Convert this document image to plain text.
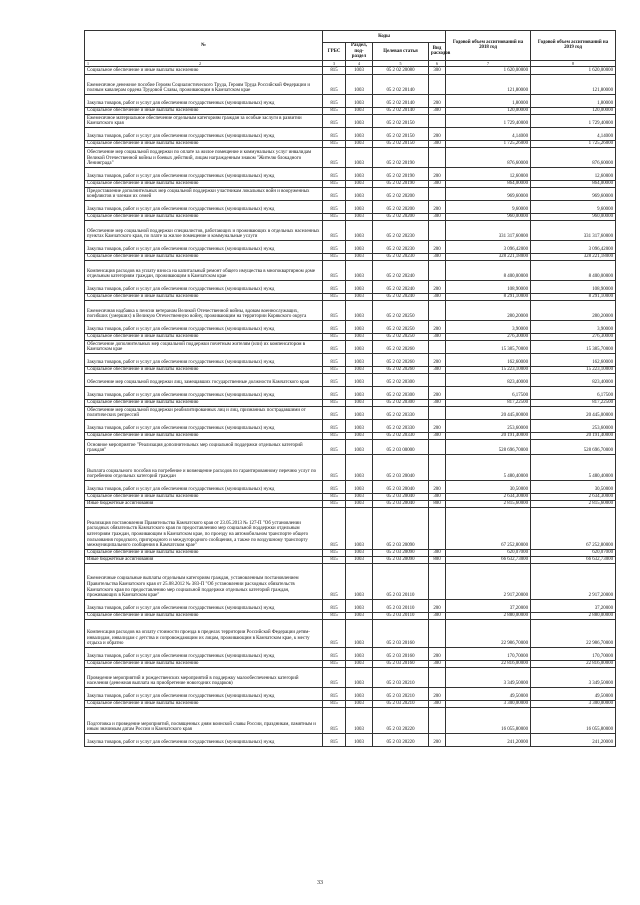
№	Коды				Годовой объем ассигнований на 2018 год	Годовой объем ассигнований на 2019 год
	ГРБС	Раздел, под-раздел	Целевая статья	Вид расходов		
1 2	3	4	5	6	7	8
Социальное обеспечение и иные выплаты населению	815	1003	05 2 02 20080	300	1 620,00000	1 620,00000
Ежемесячное денежное пособие Героям Социалистического Труда, Героям Труда Российской Федерации и полным кавалерам ордена Трудовой Славы, проживающим в Камчатском крае	815	1003	05 2 02 20140		121,80000	121,80000
Закупка товаров, работ и услуг для обеспечения государственных (муниципальных) нужд	815	1003	05 2 02 20140	200	1,80000	1,80000
Социальное обеспечение и иные выплаты населению	815	1003	05 2 02 20140	300	120,00000	120,00000
Ежемесячное материальное обеспечение отдельным категориям граждан за особые заслуги в развитии Камчатского края	815	1003	05 2 02 20150		1 729,40000	1 729,40000
Закупка товаров, работ и услуг для обеспечения государственных (муниципальных) нужд	815	1003	05 2 02 20150	200	4,14000	4,14000
Социальное обеспечение и иные выплаты населению	815	1003	05 2 02 20150	300	1 725,26000	1 725,26000
Обеспечение мер социальной поддержки по оплате за жилое помещение и коммунальных услуг инвалидам Великой Отечественной войны и боевых действий, лицам награжденным знаком "Жителю блокадного Ленинграда"	815	1003	05 2 02 20190		876,60000	876,60000
Закупка товаров, работ и услуг для обеспечения государственных (муниципальных) нужд	815	1003	05 2 02 20190	200	12,60000	12,60000
Социальное обеспечение и иные выплаты населению	815	1003	05 2 02 20190	300	864,00000	864,00000
Предоставление дополнительных мер социальной поддержки участникам локальных войн и вооруженных конфликтов и членам их семей	815	1003	05 2 02 20200		969,60000	969,60000
Закупка товаров, работ и услуг для обеспечения государственных (муниципальных) нужд	815	1003	05 2 02 20200	200	9,60000	9,60000
Социальное обеспечение и иные выплаты населению	815	1003	05 2 02 20200	300	960,00000	960,00000
Обеспечение мер социальной поддержки специалистов, работающих и проживающих в отдельных населенных пунктах Камчатского края, по плате за жилое помещение и коммунальные услуги	815	1003	05 2 02 20230		331 317,60000	331 317,60000
Закупка товаров, работ и услуг для обеспечения государственных (муниципальных) нужд	815	1003	05 2 02 20230	200	3 096,42000	3 096,42000
Социальное обеспечение и иные выплаты населению	815	1003	05 2 02 20230	300	328 221,18000	328 221,18000
Компенсация расходов на уплату взноса на капитальный ремонт общего имущества в многоквартирном доме отдельным категориям граждан, проживающим в Камчатском крае	815	1003	05 2 02 20240		8 400,00000	8 400,00000
Закупка товаров, работ и услуг для обеспечения государственных (муниципальных) нужд	815	1003	05 2 02 20240	200	108,90000	108,90000
Социальное обеспечение и иные выплаты населению	815	1003	05 2 02 20240	300	8 291,10000	8 291,10000
Ежемесячная надбавка к пенсии ветеранам Великой Отечественной войны, вдовам военнослужащих, погибших (умерших) в Великую Отечественную войну, проживающим на территории Корякского округа	815	1003	05 2 02 20250		280,20000	280,20000
Закупка товаров, работ и услуг для обеспечения государственных (муниципальных) нужд	815	1003	05 2 02 20250	200	3,90000	3,90000
Социальное обеспечение и иные выплаты населению	815	1003	05 2 02 20250	300	276,30000	276,30000
Обеспечение дополнительных мер социальной поддержки почетным жителям (или) их компенсатором в Камчатском крае	815	1003	05 2 02 20260		15 385,70000	15 385,70000
Закупка товаров, работ и услуг для обеспечения государственных (муниципальных) нужд	815	1003	05 2 02 20260	200	162,60000	162,60000
Социальное обеспечение и иные выплаты населению	815	1003	05 2 02 20260	300	15 223,10000	15 223,10000
Обеспечение мер социальной поддержки лиц, замещавших государственные должности Камчатского края	815	1003	05 2 02 20300		823,40000	823,40000
Закупка товаров, работ и услуг для обеспечения государственных (муниципальных) нужд	815	1003	05 2 02 20300	200	6,17500	6,17500
Социальное обеспечение и иные выплаты населению	815	1003	05 2 02 20300	300	817,22500	817,22500
Обеспечение мер социальной поддержки реабилитированных лиц и лиц, признанных пострадавшими от политических репрессий	815	1003	05 2 02 20330		20 445,00000	20 445,00000
Закупка товаров, работ и услуг для обеспечения государственных (муниципальных) нужд	815	1003	05 2 02 20330	200	253,60000	253,60000
Социальное обеспечение и иные выплаты населению	815	1003	05 2 02 20330	300	20 191,40000	20 191,40000
Основное мероприятие "Реализация дополнительных мер социальной поддержки отдельных категорий граждан"	815	1003	05 2 03 00000		528 696,70000	528 696,70000
Выплата социального пособия на погребение и возмещение расходов по гарантированному перечню услуг по погребению отдельных категорий граждан	815	1003	05 2 03 20040		5 480,40000	5 480,40000
Закупка товаров, работ и услуг для обеспечения государственных (муниципальных) нужд	815	1003	05 2 03 20040	200	30,50000	30,50000
Социальное обеспечение и иные выплаты населению	815	1003	05 2 03 20040	300	2 634,30000	2 634,30000
Иные бюджетные ассигнования	815	1003	05 2 03 20040	800	2 815,60000	2 815,60000
Реализация постановления Правительства Камчатского края от 23.05.2013 № 127-П "Об установлении расходных обязательств Камчатского края по предоставлению мер социальной поддержки отдельным категориям граждан, проживающим в Камчатском крае, по проезду на автомобильном транспорте общего пользования городского, пригородного и междугородного сообщения, а также по воздушному транспорту межмуниципального сообщения в Камчатском крае"	815	1003	05 2 03 20090		67 252,80000	67 252,80000
Социальное обеспечение и иные выплаты населению	815	1003	05 2 03 20090	300	620,07000	620,07000
Иные бюджетные ассигнования	815	1003	05 2 03 20090	800	66 632,73000	66 632,73000
Ежемесячные социальные выплаты отдельным категориям граждан, установленным постановлением Правительства Камчатского края от 25.08.2012 № 383-П "Об установлении расходных обязательств Камчатского края по предоставлению мер социальной поддержки отдельных категорий граждан, проживающих в Камчатском крае"	815	1003	05 2 03 20110		2 917,20000	2 917,20000
Закупка товаров, работ и услуг для обеспечения государственных (муниципальных) нужд	815	1003	05 2 03 20110	200	37,20000	37,20000
Социальное обеспечение и иные выплаты населению	815	1003	05 2 03 20110	300	2 880,00000	2 880,00000
Компенсация расходов на оплату стоимости проезда в пределах территории Российской Федерации детям-инвалидам, инвалидам с детства и сопровождающим их лицам, проживающим в Камчатском крае, к месту отдыха и обратно	815	1003	05 2 03 20160		22 986,70000	22 986,70000
Закупка товаров, работ и услуг для обеспечения государственных (муниципальных) нужд	815	1003	05 2 03 20160	200	170,70000	170,70000
Социальное обеспечение и иные выплаты населению	815	1003	05 2 03 20160	300	22 816,00000	22 816,00000
Проведение мероприятий и рождественских мероприятий в поддержку малообеспеченных категорий населения (денежная выплата на приобретение новогодних подарков)	815	1003	05 2 03 20210		3 349,50000	3 349,50000
Закупка товаров, работ и услуг для обеспечения государственных (муниципальных) нужд	815	1003	05 2 03 20210	200	49,50000	49,50000
Социальное обеспечение и иные выплаты населению	815	1003	05 2 03 20210	300	3 300,00000	3 300,00000
Подготовка и проведение мероприятий, посвященных дням воинской славы России, праздникам, памятным и иным значимым датам России и Камчатского края	815	1003	05 2 03 20220		16 055,80000	16 055,80000
Закупка товаров, работ и услуг для обеспечения государственных (муниципальных) нужд	815	1003	05 2 03 20220	200	241,20000	241,20000
33
